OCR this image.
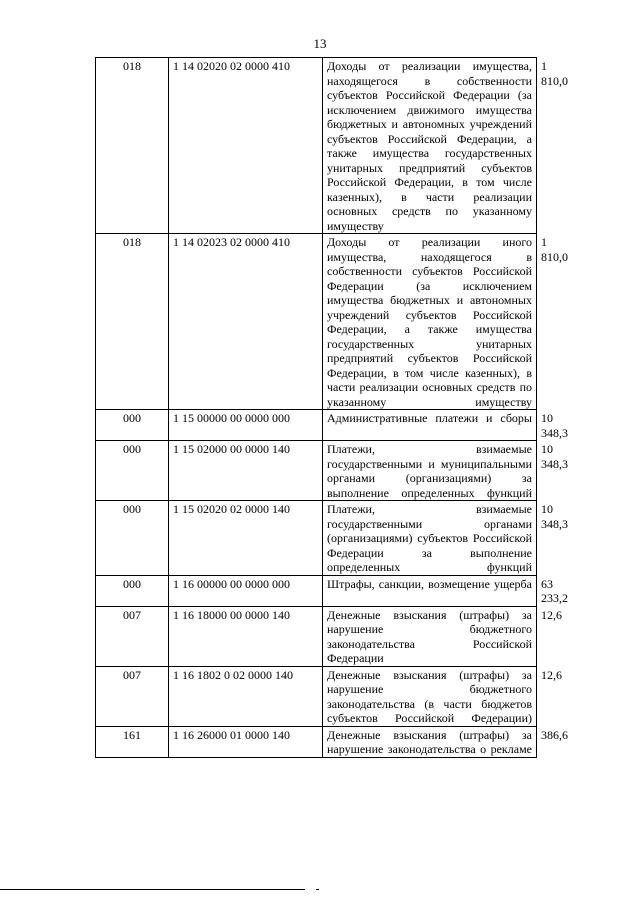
13
018	1 14 02020 02 0000 410	Доходы от реализации имущества, находящегося в собственности субъектов Российской Федерации (за исключением движимого имущества бюджетных и автономных учреждений субъектов Российской Федерации, а также имущества государственных унитарных предприятий субъектов Российской Федерации, в том числе казенных), в части реализации основных средств по указанному имуществу	1 810,0
018	1 14 02023 02 0000 410	Доходы от реализации иного имущества, находящегося в собственности субъектов Российской Федерации (за исключением имущества бюджетных и автономных учреждений субъектов Российской Федерации, а также имущества государственных унитарных предприятий субъектов Российской Федерации, в том числе казенных), в части реализации основных средств по указанному имуществу	1 810,0
000	1 15 00000 00 0000 000	Административные платежи и сборы	10 348,3
000	1 15 02000 00 0000 140	Платежи, взимаемые государственными и муниципальными органами (организациями) за выполнение определенных функций	10 348,3
000	1 15 02020 02 0000 140	Платежи, взимаемые государственными органами (организациями) субъектов Российской Федерации за выполнение определенных функций	10 348,3
000	1 16 00000 00 0000 000	Штрафы, санкции, возмещение ущерба	63 233,2
007	1 16 18000 00 0000 140	Денежные взыскания (штрафы) за нарушение бюджетного законодательства Российской Федерации	12,6
007	1 16 1802 0 02 0000 140	Денежные взыскания (штрафы) за нарушение бюджетного законодательства (в части бюджетов субъектов Российской Федерации)	12,6
161	1 16 26000 01 0000 140	Денежные взыскания (штрафы) за нарушение законодательства о рекламе	386,6
